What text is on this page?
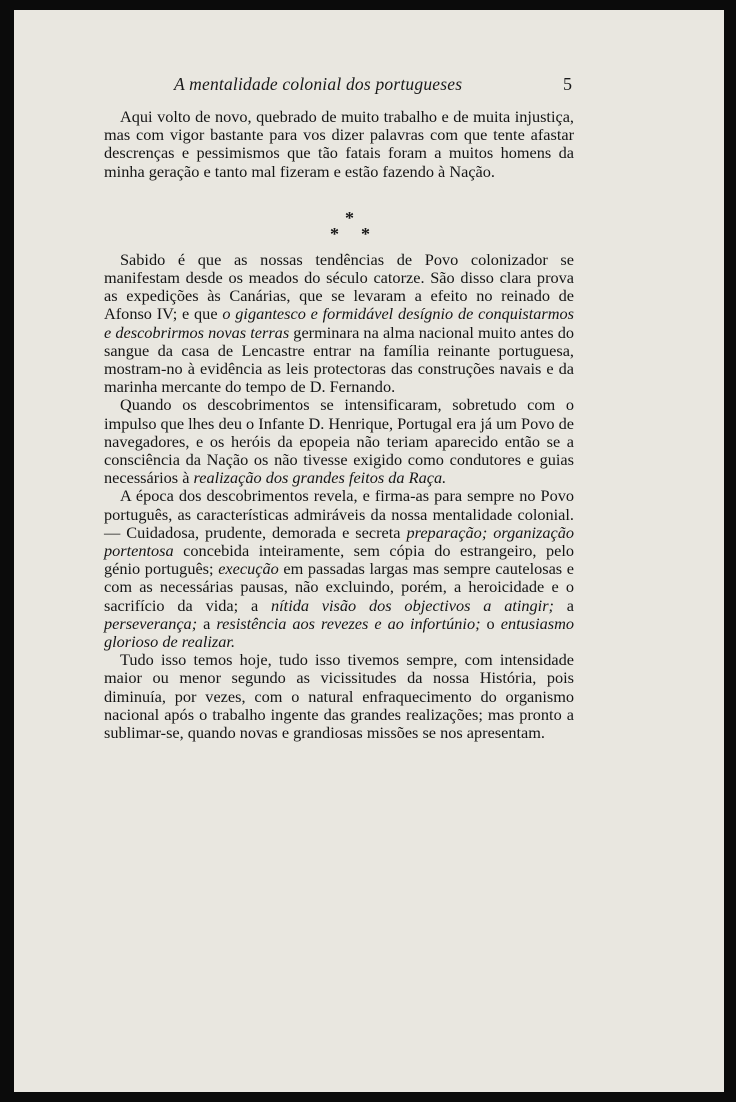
A mentalidade colonial dos portugueses	5

Aqui volto de novo, quebrado de muito trabalho e de muita injustiça, mas com vigor bastante para vos dizer palavras com que tente afastar descrenças e pessimismos que tão fatais foram a muitos homens da minha geração e tanto mal fizeram e estão fazendo à Nação.

*
* *

Sabido é que as nossas tendências de Povo colonizador se manifestam desde os meados do século catorze. São disso clara prova as expedições às Canárias, que se levaram a efeito no reinado de Afonso IV; e que o gigantesco e formidável desígnio de conquistarmos e descobrirmos novas terras germinara na alma nacional muito antes do sangue da casa de Lencastre entrar na família reinante portuguesa, mostram-no à evidência as leis protectoras das construções navais e da marinha mercante do tempo de D. Fernando.

Quando os descobrimentos se intensificaram, sobretudo com o impulso que lhes deu o Infante D. Henrique, Portugal era já um Povo de navegadores, e os heróis da epopeia não teriam aparecido então se a consciência da Nação os não tivesse exigido como condutores e guias necessários à realização dos grandes feitos da Raça.

A época dos descobrimentos revela, e firma-as para sempre no Povo português, as características admiráveis da nossa mentalidade colonial. — Cuidadosa, prudente, demorada e secreta preparação; organização portentosa concebida inteiramente, sem cópia do estrangeiro, pelo génio português; execução em passadas largas mas sempre cautelosas e com as necessárias pausas, não excluindo, porém, a heroicidade e o sacrifício da vida; a nítida visão dos objectivos a atingir; a perseverança; a resistência aos revezes e ao infortúnio; o entusiasmo glorioso de realizar.

Tudo isso temos hoje, tudo isso tivemos sempre, com intensidade maior ou menor segundo as vicissitudes da nossa História, pois diminuía, por vezes, com o natural enfraquecimento do organismo nacional após o trabalho ingente das grandes realizações; mas pronto a sublimar-se, quando novas e grandiosas missões se nos apresentam.
